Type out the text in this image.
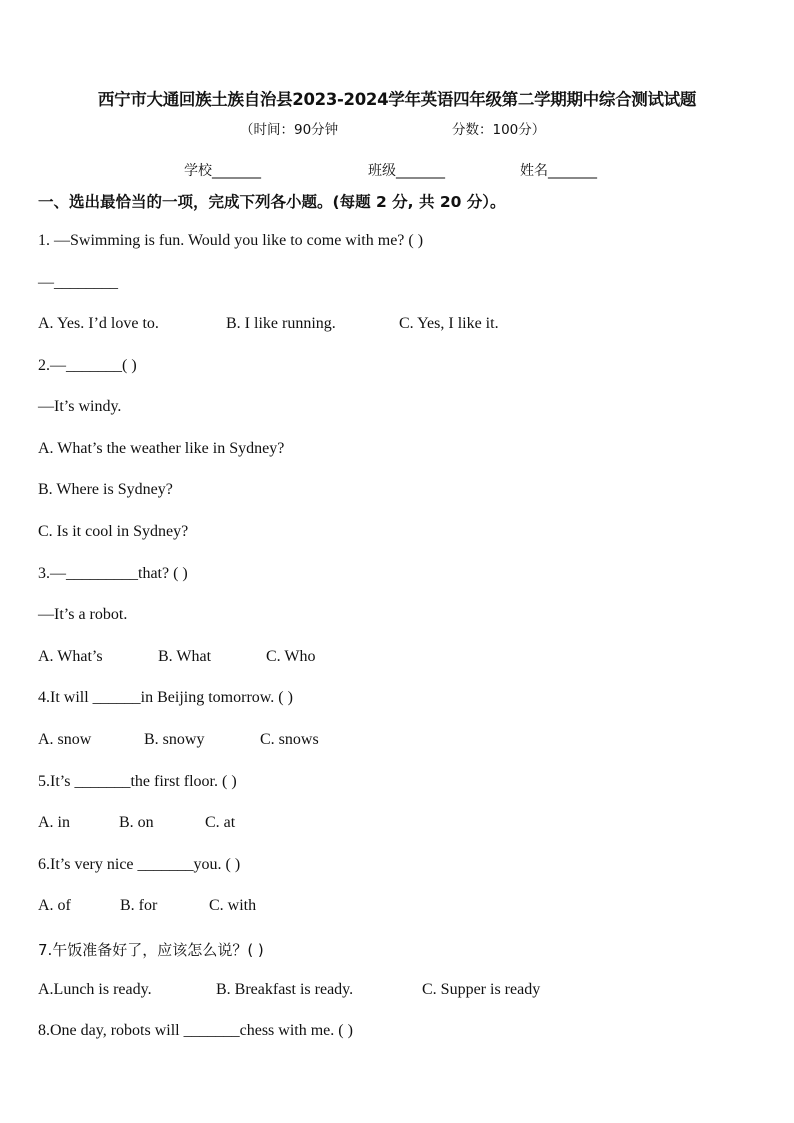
西宁市大通回族土族自治县2023-2024学年英语四年级第二学期期中综合测试试题
（时间：90分钟	分数：100分）
学校_______	班级_______	姓名_______
一、选出最恰当的一项，完成下列各小题。(每题 2 分, 共 20 分）。
1. —Swimming is fun. Would you like to come with me? ( )
—________
A. Yes. I’d love to.	B. I like running.	C. Yes, I like it.
2.—_______( )
—It’s windy.
A. What’s the weather like in Sydney?
B. Where is Sydney?
C. Is it cool in Sydney?
3.—_________that? ( )
—It’s a robot.
A. What’s	B. What	C. Who
4.It will ______in Beijing tomorrow. ( )
A. snow	B. snowy	C. snows
5.It’s _______the first floor. ( )
A. in	B. on	C. at
6.It’s very nice _______you. ( )
A. of	B. for	C. with
7.午饭准备好了，应该怎么说？( )
A.Lunch is ready.	B. Breakfast is ready.	C. Supper is ready
8.One day, robots will _______chess with me. ( )
